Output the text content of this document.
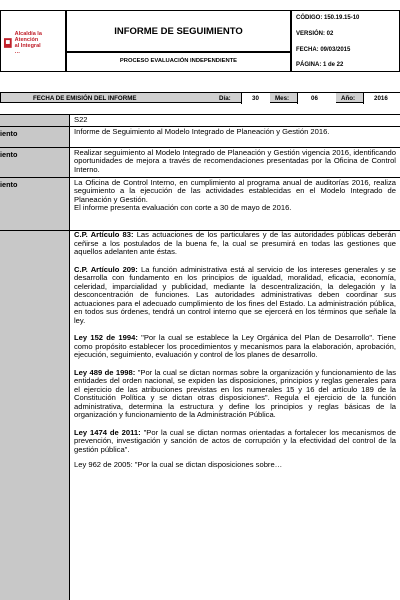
Alcaldía la Atención
al Integral
…
INFORME DE SEGUIMIENTO
PROCESO EVALUACIÓN INDEPENDIENTE
CÓDIGO: 150.19.15-10
VERSIÓN: 02
FECHA: 09/03/2015
PÁGINA: 1 de 22
FECHA DE EMISIÓN DEL INFORME	Día:	30	Mes:	06	Año:	2016
S22
iento	Informe de Seguimiento al Modelo Integrado de Planeación y Gestión 2016.
iento	Realizar seguimiento al Modelo Integrado de Planeación y Gestión vigencia 2016, identificando oportunidades de mejora a través de recomendaciones presentadas por la Oficina de Control Interno.
iento	La Oficina de Control Interno, en cumplimiento al programa anual de auditorías 2016, realiza seguimiento a la ejecución de las actividades establecidas en el Modelo Integrado de Planeación y Gestión.
El informe presenta evaluación con corte a 30 de mayo de 2016.

C.P. Artículo 83: Las actuaciones de los particulares y de las autoridades públicas deberán ceñirse a los postulados de la buena fe, la cual se presumirá en todas las gestiones que aquellos adelanten ante éstas.

C.P. Artículo 209: La función administrativa está al servicio de los intereses generales y se desarrolla con fundamento en los principios de igualdad, moralidad, eficacia, economía, celeridad, imparcialidad y publicidad, mediante la descentralización, la delegación y la desconcentración de funciones. Las autoridades administrativas deben coordinar sus actuaciones para el adecuado cumplimiento de los fines del Estado. La administración pública, en todos sus órdenes, tendrá un control interno que se ejercerá en los términos que señale la ley.

Ley 152 de 1994: "Por la cual se establece la Ley Orgánica del Plan de Desarrollo". Tiene como propósito establecer los procedimientos y mecanismos para la elaboración, aprobación, ejecución, seguimiento, evaluación y control de los planes de desarrollo.

Ley 489 de 1998: "Por la cual se dictan normas sobre la organización y funcionamiento de las entidades del orden nacional, se expiden las disposiciones, principios y reglas generales para el ejercicio de las atribuciones previstas en los numerales 15 y 16 del artículo 189 de la Constitución Política y se dictan otras disposiciones". Regula el ejercicio de la función administrativa, determina la estructura y define los principios y reglas básicas de la organización y funcionamiento de la Administración Pública.

Ley 1474 de 2011: "Por la cual se dictan normas orientadas a fortalecer los mecanismos de prevención, investigación y sanción de actos de corrupción y la efectividad del control de la gestión pública".

Ley 962 de 2005: "Por la cual se dictan disposiciones sobre…
